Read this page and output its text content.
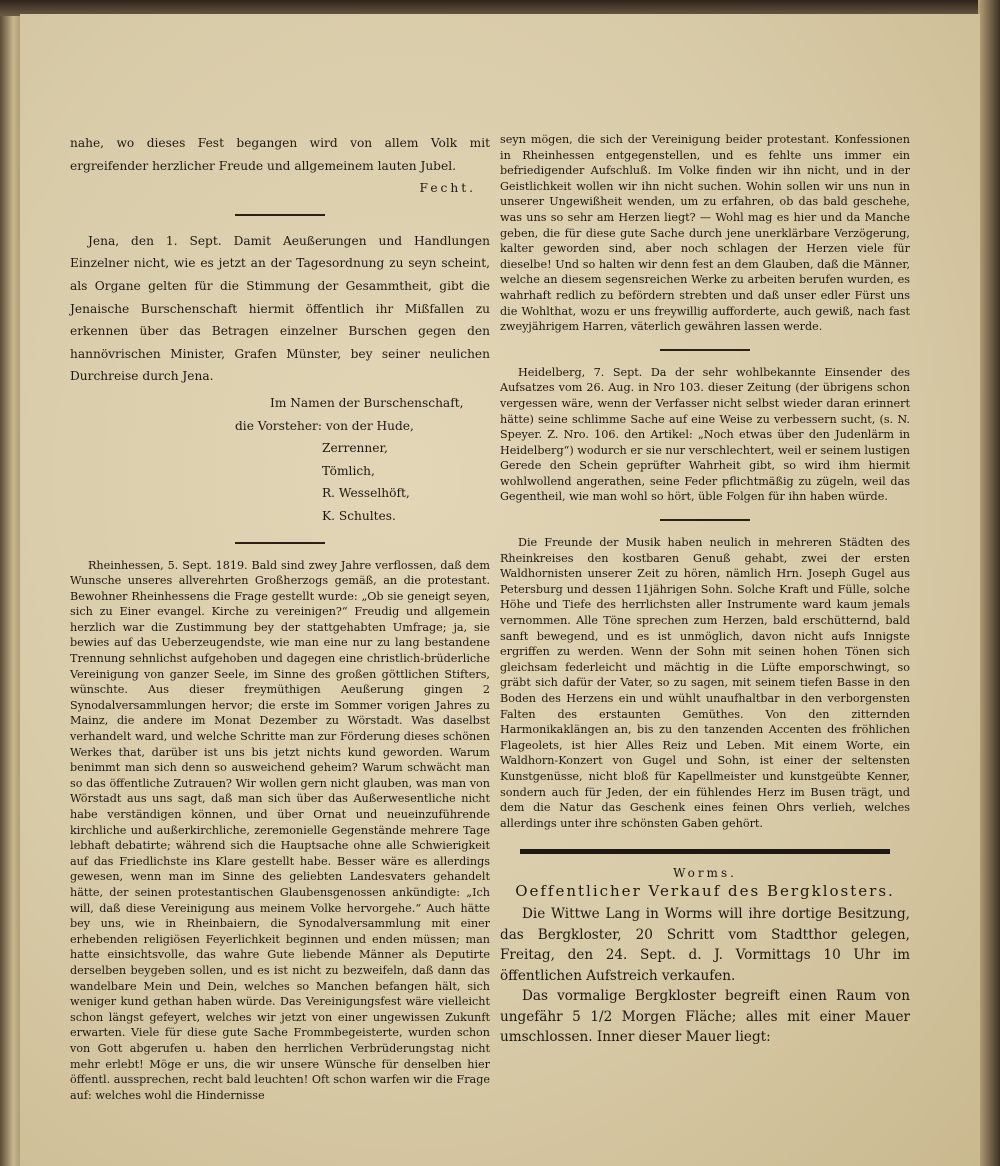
nahe, wo dieses Fest begangen wird von allem Volk mit ergreifender herzlicher Freude und allgemeinem lauten Jubel.

Fecht.

Jena, den 1. Sept. Damit Aeußerungen und Handlungen Einzelner nicht, wie es jetzt an der Tagesordnung zu seyn scheint, als Organe gelten für die Stimmung der Gesammtheit, gibt die Jenaische Burschenschaft hiermit öffentlich ihr Mißfallen zu erkennen über das Betragen einzelner Burschen gegen den hannövrischen Minister, Grafen Münster, bey seiner neulichen Durchreise durch Jena.

Im Namen der Burschenschaft,
die Vorsteher: von der Hude,
Zerrenner,
Tömlich,
R. Wesselhöft,
K. Schultes.

Rheinhessen, 5. Sept. 1819. Bald sind zwey Jahre verflossen, daß dem Wunsche unseres allverehrten Großherzogs gemäß, an die protestant. Bewohner Rheinhessens die Frage gestellt wurde: „Ob sie geneigt seyen, sich zu Einer evangel. Kirche zu vereinigen?“ Freudig und allgemein herzlich war die Zustimmung bey der stattgehabten Umfrage; ja, sie bewies auf das Ueberzeugendste, wie man eine nur zu lang bestandene Trennung sehnlichst aufgehoben und dagegen eine christlich-brüderliche Vereinigung von ganzer Seele, im Sinne des großen göttlichen Stifters, wünschte. Aus dieser freymüthigen Aeußerung gingen 2 Synodalversammlungen hervor; die erste im Sommer vorigen Jahres zu Mainz, die andere im Monat Dezember zu Wörstadt. Was daselbst verhandelt ward, und welche Schritte man zur Förderung dieses schönen Werkes that, darüber ist uns bis jetzt nichts kund geworden. Warum benimmt man sich denn so ausweichend geheim? Warum schwächt man so das öffentliche Zutrauen? Wir wollen gern nicht glauben, was man von Wörstadt aus uns sagt, daß man sich über das Außerwesentliche nicht habe verständigen können, und über Ornat und neueinzuführende kirchliche und außerkirchliche, zeremonielle Gegenstände mehrere Tage lebhaft debatirte; während sich die Hauptsache ohne alle Schwierigkeit auf das Friedlichste ins Klare gestellt habe. Besser wäre es allerdings gewesen, wenn man im Sinne des geliebten Landesvaters gehandelt hätte, der seinen protestantischen Glaubensgenossen ankündigte: „Ich will, daß diese Vereinigung aus meinem Volke hervorgehe.“ Auch hätte bey uns, wie in Rheinbaiern, die Synodalversammlung mit einer erhebenden religiösen Feyerlichkeit beginnen und enden müssen; man hatte einsichtsvolle, das wahre Gute liebende Männer als Deputirte derselben beygeben sollen, und es ist nicht zu bezweifeln, daß dann das wandelbare Mein und Dein, welches so Manchen befangen hält, sich weniger kund gethan haben würde. Das Vereinigungsfest wäre vielleicht schon längst gefeyert, welches wir jetzt von einer ungewissen Zukunft erwarten. Viele für diese gute Sache Frommbegeisterte, wurden schon von Gott abgerufen u. haben den herrlichen Verbrüderungstag nicht mehr erlebt! Möge er uns, die wir unsere Wünsche für denselben hier öffentl. aussprechen, recht bald leuchten! Oft schon warfen wir die Frage auf: welches wohl die Hindernisse

seyn mögen, die sich der Vereinigung beider protestant. Konfessionen in Rheinhessen entgegenstellen, und es fehlte uns immer ein befriedigender Aufschluß. Im Volke finden wir ihn nicht, und in der Geistlichkeit wollen wir ihn nicht suchen. Wohin sollen wir uns nun in unserer Ungewißheit wenden, um zu erfahren, ob das bald geschehe, was uns so sehr am Herzen liegt? — Wohl mag es hier und da Manche geben, die für diese gute Sache durch jene unerklärbare Verzögerung, kalter geworden sind, aber noch schlagen der Herzen viele für dieselbe! Und so halten wir denn fest an dem Glauben, daß die Männer, welche an diesem segensreichen Werke zu arbeiten berufen wurden, es wahrhaft redlich zu befördern strebten und daß unser edler Fürst uns die Wohlthat, wozu er uns freywillig aufforderte, auch gewiß, nach fast zweyjährigem Harren, väterlich gewähren lassen werde.

Heidelberg, 7. Sept. Da der sehr wohlbekannte Einsender des Aufsatzes vom 26. Aug. in Nro 103. dieser Zeitung (der übrigens schon vergessen wäre, wenn der Verfasser nicht selbst wieder daran erinnert hätte) seine schlimme Sache auf eine Weise zu verbessern sucht, (s. N. Speyer. Z. Nro. 106. den Artikel: „Noch etwas über den Judenlärm in Heidelberg“) wodurch er sie nur verschlechtert, weil er seinem lustigen Gerede den Schein geprüfter Wahrheit gibt, so wird ihm hiermit wohlwollend angerathen, seine Feder pflichtmäßig zu zügeln, weil das Gegentheil, wie man wohl so hört, üble Folgen für ihn haben würde.

Die Freunde der Musik haben neulich in mehreren Städten des Rheinkreises den kostbaren Genuß gehabt, zwei der ersten Waldhornisten unserer Zeit zu hören, nämlich Hrn. Joseph Gugel aus Petersburg und dessen 11jährigen Sohn. Solche Kraft und Fülle, solche Höhe und Tiefe des herrlichsten aller Instrumente ward kaum jemals vernommen. Alle Töne sprechen zum Herzen, bald erschütternd, bald sanft bewegend, und es ist unmöglich, davon nicht aufs Innigste ergriffen zu werden. Wenn der Sohn mit seinen hohen Tönen sich gleichsam federleicht und mächtig in die Lüfte emporschwingt, so gräbt sich dafür der Vater, so zu sagen, mit seinem tiefen Basse in den Boden des Herzens ein und wühlt unaufhaltbar in den verborgensten Falten des erstaunten Gemüthes. Von den zitternden Harmonikaklängen an, bis zu den tanzenden Accenten des fröhlichen Flageolets, ist hier Alles Reiz und Leben. Mit einem Worte, ein Waldhorn-Konzert von Gugel und Sohn, ist einer der seltensten Kunstgenüsse, nicht bloß für Kapellmeister und kunstgeübte Kenner, sondern auch für Jeden, der ein fühlendes Herz im Busen trägt, und dem die Natur das Geschenk eines feinen Ohrs verlieh, welches allerdings unter ihre schönsten Gaben gehört.

Worms.
Oeffentlicher Verkauf des Bergklosters.

Die Wittwe Lang in Worms will ihre dortige Besitzung, das Bergkloster, 20 Schritt vom Stadtthor gelegen, Freitag, den 24. Sept. d. J. Vormittags 10 Uhr im öffentlichen Aufstreich verkaufen.

Das vormalige Bergkloster begreift einen Raum von ungefähr 5 1/2 Morgen Fläche; alles mit einer Mauer umschlossen. Inner dieser Mauer liegt:
